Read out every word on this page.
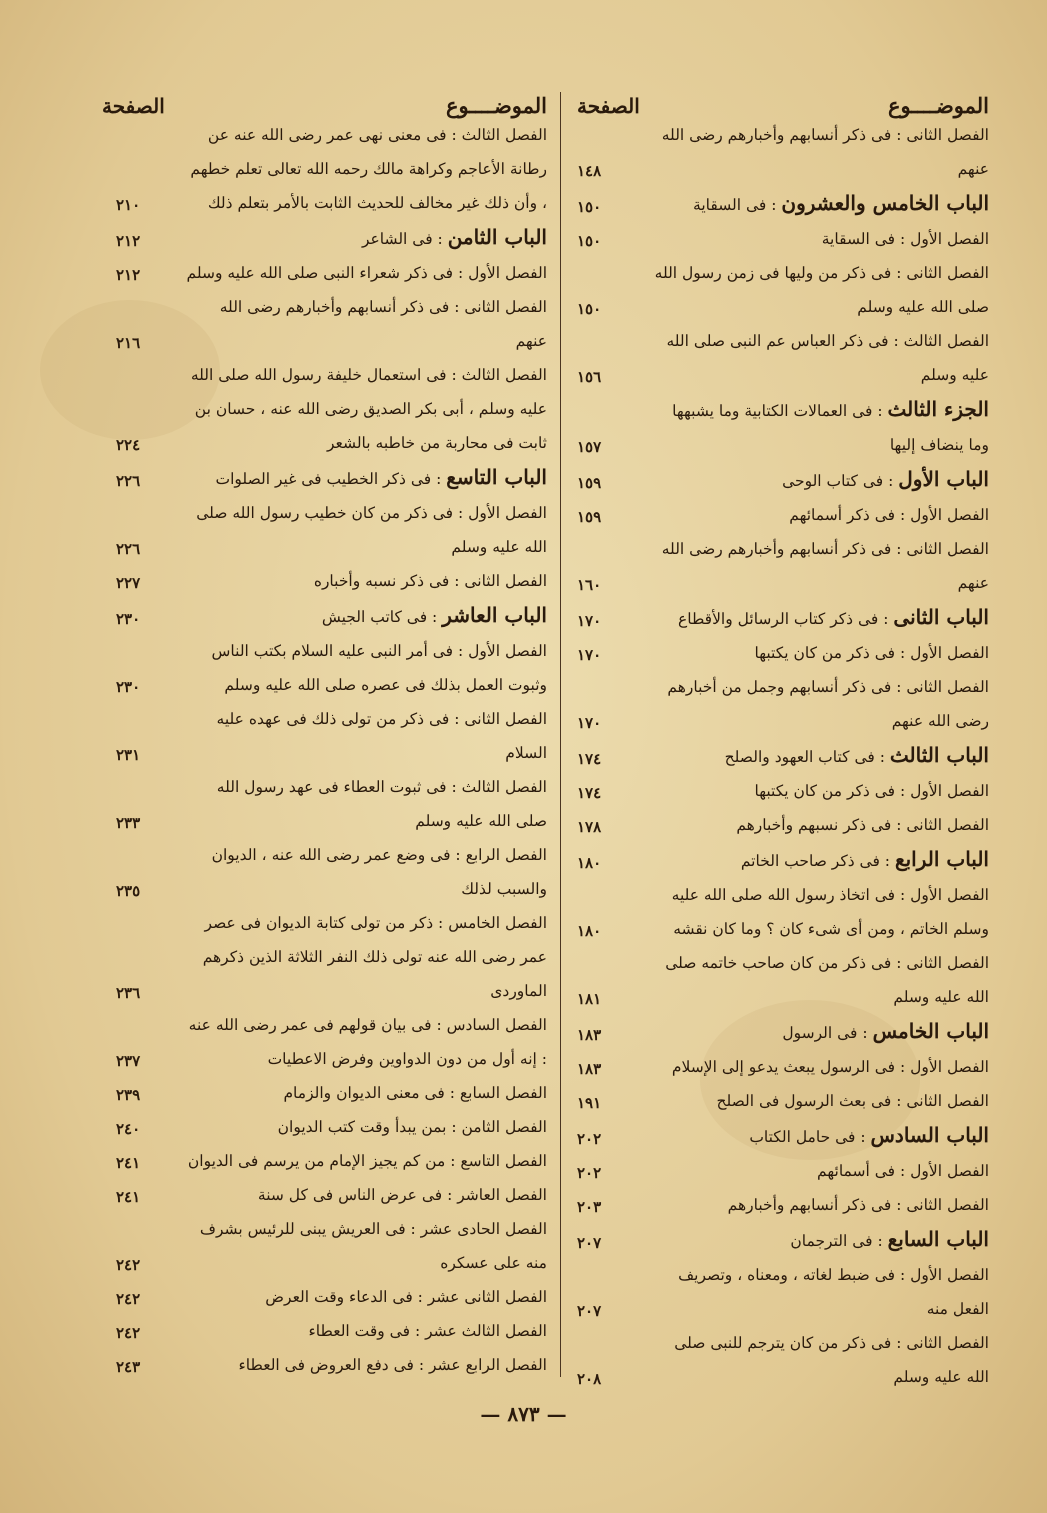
الموضــــوع
الصفحة
الفصل الثانى : فى ذكر أنسابهم وأخبارهم رضى الله عنهم
١٤٨
الباب الخامس والعشرون : فى السقاية
١٥٠
الفصل الأول : فى السقاية
١٥٠
الفصل الثانى : فى ذكر من وليها فى زمن رسول الله صلى الله عليه وسلم
١٥٠
الفصل الثالث : فى ذكر العباس عم النبى صلى الله عليه وسلم
١٥٦
الجزء الثالث : فى العمالات الكتابية وما يشبهها وما ينضاف إليها
١٥٧
الباب الأول : فى كتاب الوحى
١٥٩
الفصل الأول : فى ذكر أسمائهم
١٥٩
الفصل الثانى : فى ذكر أنسابهم وأخبارهم رضى الله عنهم
١٦٠
الباب الثانى : فى ذكر كتاب الرسائل والأقطاع
١٧٠
الفصل الأول : فى ذكر من كان يكتبها
١٧٠
الفصل الثانى : فى ذكر أنسابهم وجمل من أخبارهم رضى الله عنهم
١٧٠
الباب الثالث : فى كتاب العهود والصلح
١٧٤
الفصل الأول : فى ذكر من كان يكتبها
١٧٤
الفصل الثانى : فى ذكر نسبهم وأخبارهم
١٧٨
الباب الرابع : فى ذكر صاحب الخاتم
١٨٠
الفصل الأول : فى اتخاذ رسول الله صلى الله عليه وسلم الخاتم ، ومن أى شىء كان ؟ وما كان نقشه
١٨٠
الفصل الثانى : فى ذكر من كان صاحب خاتمه صلى الله عليه وسلم
١٨١
الباب الخامس : فى الرسول
١٨٣
الفصل الأول : فى الرسول يبعث يدعو إلى الإسلام
١٨٣
الفصل الثانى : فى بعث الرسول فى الصلح
١٩١
الباب السادس : فى حامل الكتاب
٢٠٢
الفصل الأول : فى أسمائهم
٢٠٢
الفصل الثانى : فى ذكر أنسابهم وأخبارهم
٢٠٣
الباب السابع : فى الترجمان
٢٠٧
الفصل الأول : فى ضبط لغاته ، ومعناه ، وتصريف الفعل منه
٢٠٧
الفصل الثانى : فى ذكر من كان يترجم للنبى صلى الله عليه وسلم
٢٠٨
الموضــــوع
الصفحة
الفصل الثالث : فى معنى نهى عمر رضى الله عنه عن رطانة الأعاجم وكراهة مالك رحمه الله تعالى تعلم خطهم ، وأن ذلك غير مخالف للحديث الثابت بالأمر بتعلم ذلك
٢١٠
الباب الثامن : فى الشاعر
٢١٢
الفصل الأول : فى ذكر شعراء النبى صلى الله عليه وسلم
٢١٢
الفصل الثانى : فى ذكر أنسابهم وأخبارهم رضى الله عنهم
٢١٦
الفصل الثالث : فى استعمال خليفة رسول الله صلى الله عليه وسلم ، أبى بكر الصديق رضى الله عنه ، حسان بن ثابت فى محاربة من خاطبه بالشعر
٢٢٤
الباب التاسع : فى ذكر الخطيب فى غير الصلوات
٢٢٦
الفصل الأول : فى ذكر من كان خطيب رسول الله صلى الله عليه وسلم
٢٢٦
الفصل الثانى : فى ذكر نسبه وأخباره
٢٢٧
الباب العاشر : فى كاتب الجيش
٢٣٠
الفصل الأول : فى أمر النبى عليه السلام بكتب الناس وثبوت العمل بذلك فى عصره صلى الله عليه وسلم
٢٣٠
الفصل الثانى : فى ذكر من تولى ذلك فى عهده عليه السلام
٢٣١
الفصل الثالث : فى ثبوت العطاء فى عهد رسول الله صلى الله عليه وسلم
٢٣٣
الفصل الرابع : فى وضع عمر رضى الله عنه ، الديوان والسبب لذلك
٢٣٥
الفصل الخامس : ذكر من تولى كتابة الديوان فى عصر عمر رضى الله عنه تولى ذلك النفر الثلاثة الذين ذكرهم الماوردى
٢٣٦
الفصل السادس : فى بيان قولهم فى عمر رضى الله عنه : إنه أول من دون الدواوين وفرض الاعطيات
٢٣٧
الفصل السابع : فى معنى الديوان والزمام
٢٣٩
الفصل الثامن : بمن يبدأ وقت كتب الديوان
٢٤٠
الفصل التاسع : من كم يجيز الإمام من يرسم فى الديوان
٢٤١
الفصل العاشر : فى عرض الناس فى كل سنة
٢٤١
الفصل الحادى عشر : فى العريش يبنى للرئيس بشرف منه على عسكره
٢٤٢
الفصل الثانى عشر : فى الدعاء وقت العرض
٢٤٢
الفصل الثالث عشر : فى وقت العطاء
٢٤٢
الفصل الرابع عشر : فى دفع العروض فى العطاء
٢٤٣
— ٨٧٣ —
